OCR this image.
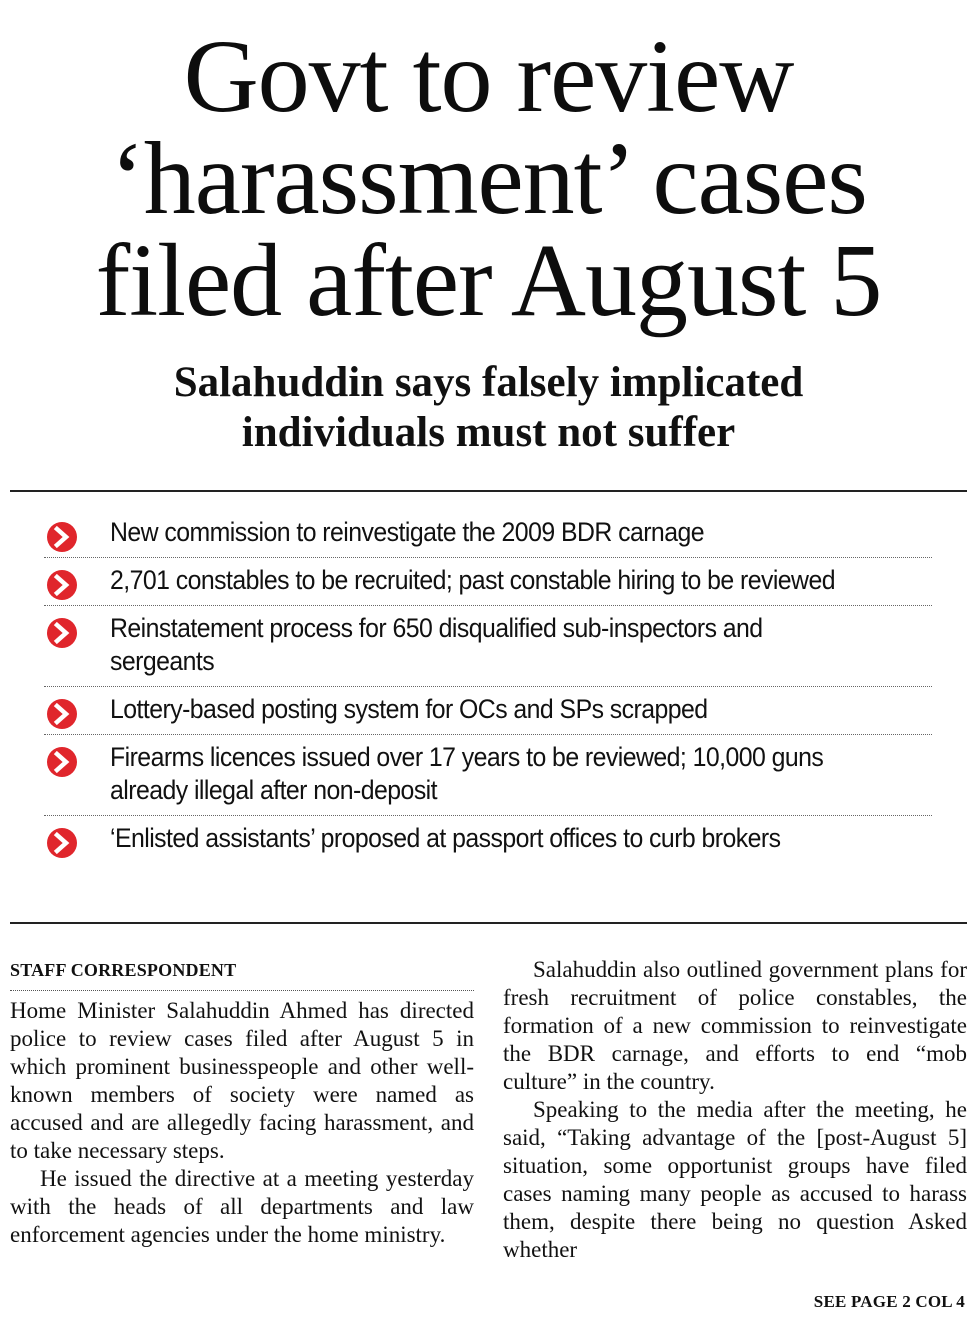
Govt to review
‘harassment’ cases
filed after August 5
Salahuddin says falsely implicated
individuals must not suffer
New commission to reinvestigate the 2009 BDR carnage
2,701 constables to be recruited; past constable hiring to be reviewed
Reinstatement process for 650 disqualified sub-inspectors and sergeants
Lottery-based posting system for OCs and SPs scrapped
Firearms licences issued over 17 years to be reviewed; 10,000 guns already illegal after non-deposit
‘Enlisted assistants’ proposed at passport offices to curb brokers

STAFF CORRESPONDENT

Home Minister Salahuddin Ahmed has directed police to review cases filed after August 5 in which prominent businesspeople and other well-known members of society were named as accused and are allegedly facing harassment, and to take necessary steps.

He issued the directive at a meeting yesterday with the heads of all departments and law enforcement agencies under the home ministry.

Salahuddin also outlined government plans for fresh recruitment of police constables, the formation of a new commission to reinvestigate the BDR carnage, and efforts to end “mob culture” in the country.

Speaking to the media after the meeting, he said, “Taking advantage of the [post-August 5] situation, some opportunist groups have filed cases naming many people as accused to harass them, despite there being no question Asked whether

SEE PAGE 2 COL 4
